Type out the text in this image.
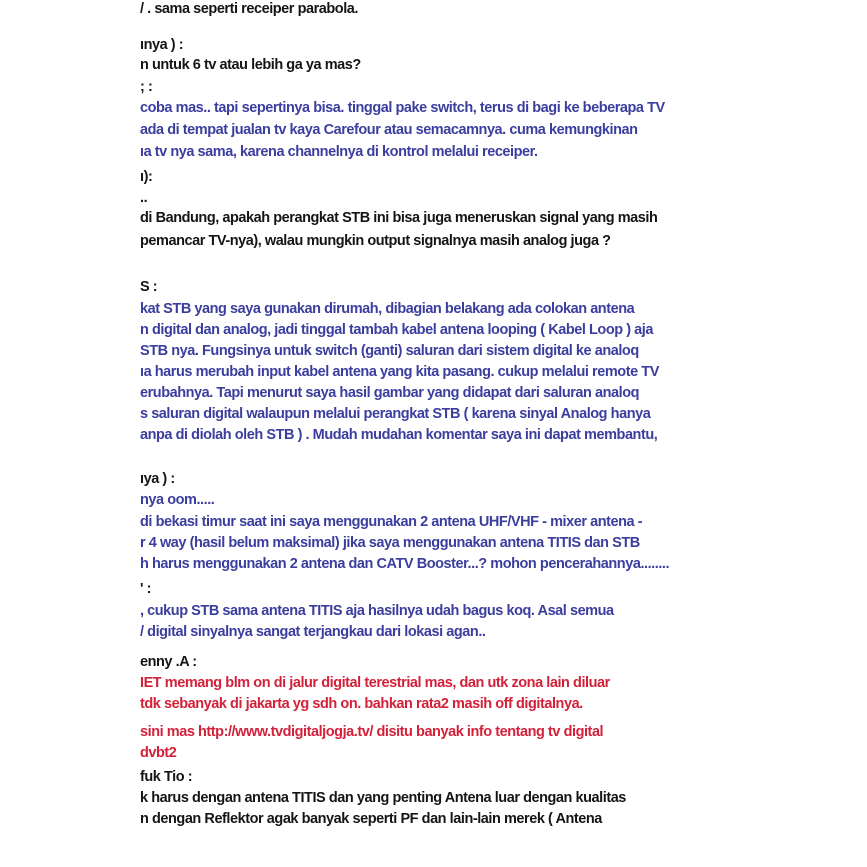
/ . sama seperti receiper parabola.
ınya ) :
n untuk 6 tv atau lebih ga ya mas?
; :
coba mas.. tapi sepertinya bisa. tinggal pake switch, terus di bagi ke beberapa TV
ada di tempat jualan tv kaya Carefour atau semacamnya. cuma kemungkinan
ıa tv nya sama, karena channelnya di kontrol melalui receiper.
ı):
..
di Bandung, apakah perangkat STB ini bisa juga meneruskan signal yang masih
pemancar TV-nya), walau mungkin output signalnya masih analog juga ?
S :
kat STB yang saya gunakan dirumah, dibagian belakang ada colokan antena
n digital dan analog, jadi tinggal tambah kabel antena looping ( Kabel Loop ) aja
STB nya. Fungsinya untuk switch (ganti) saluran dari sistem digital ke analoq
ıa harus merubah input kabel antena yang kita pasang. cukup melalui remote TV
erubahnya. Tapi menurut saya hasil gambar yang didapat dari saluran analoq
s saluran digital walaupun melalui perangkat STB ( karena sinyal Analog hanya
anpa di diolah oleh STB ) . Mudah mudahan komentar saya ini dapat membantu,
ıya ) :
nya oom.....
di bekasi timur saat ini saya menggunakan 2 antena UHF/VHF - mixer antena -
r 4 way (hasil belum maksimal) jika saya menggunakan antena TITIS dan STB
h harus menggunakan 2 antena dan CATV Booster...? mohon pencerahannya........
' :
, cukup STB sama antena TITIS aja hasilnya udah bagus koq. Asal semua
/ digital sinyalnya sangat terjangkau dari lokasi agan..
enny .A :
IET memang blm on di jalur digital terestrial mas, dan utk zona lain diluar
tdk sebanyak di jakarta yg sdh on. bahkan rata2 masih off digitalnya.
sini mas http://www.tvdigitaljogja.tv/ disitu banyak info tentang tv digital
dvbt2
fuk Tio :
k harus dengan antena TITIS dan yang penting Antena luar dengan kualitas
n dengan Reflektor agak banyak seperti PF dan lain-lain merek ( Antena
